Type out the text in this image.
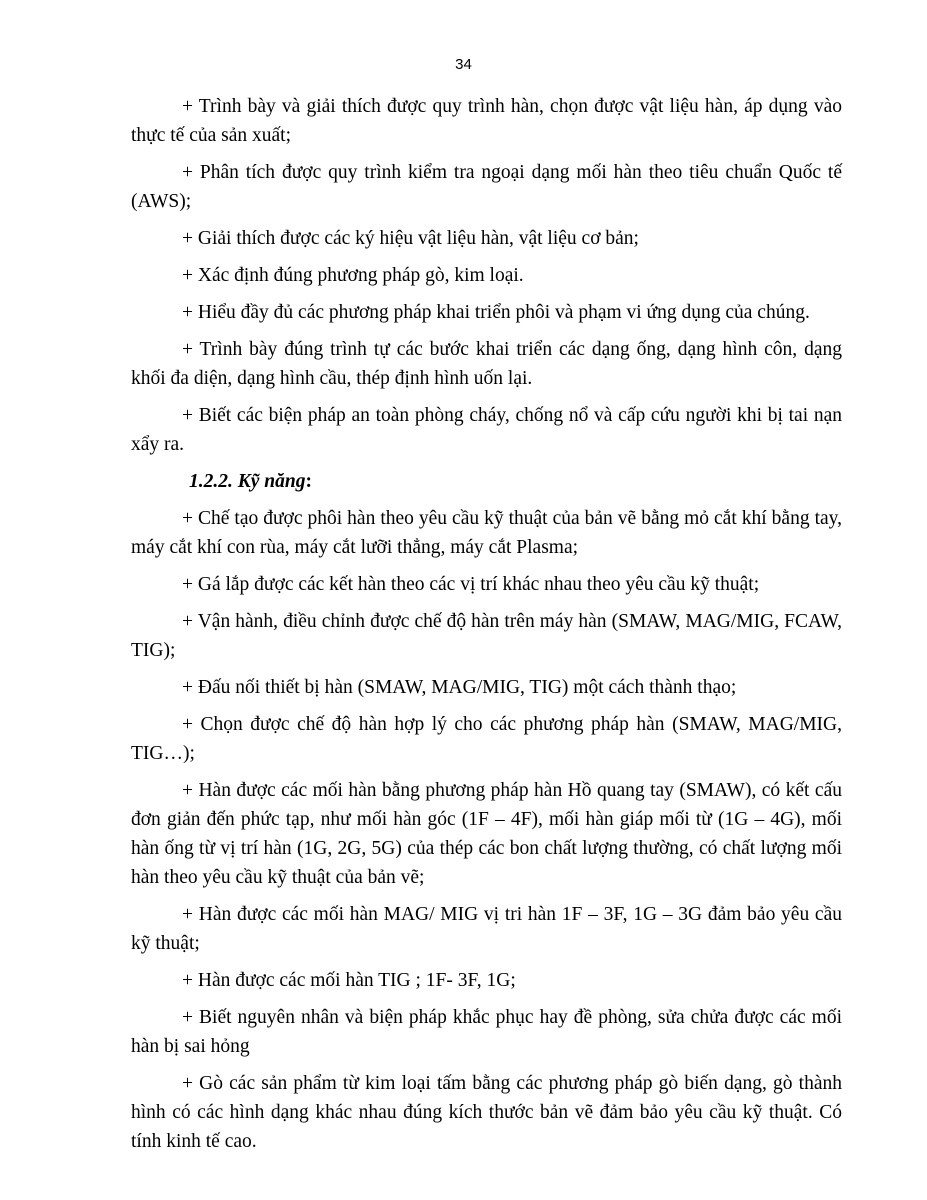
34

+ Trình bày và giải thích được quy trình hàn, chọn được vật liệu hàn, áp dụng vào thực tế của sản xuất;

+ Phân tích được quy trình kiểm tra ngoại dạng mối hàn theo tiêu chuẩn Quốc tế (AWS);

+ Giải thích được các ký hiệu vật liệu hàn, vật liệu cơ bản;

+ Xác định đúng phương pháp gò, kim loại.

+ Hiểu đầy đủ các phương pháp khai triển phôi và phạm vi ứng dụng của chúng.

+ Trình bày đúng trình tự các bước khai triển các dạng ống, dạng hình côn, dạng khối đa diện, dạng hình cầu, thép định hình uốn lại.

+ Biết các biện pháp an toàn phòng cháy, chống nổ và cấp cứu người khi bị tai nạn xẩy ra.

1.2.2. Kỹ năng:

+ Chế tạo được phôi hàn theo yêu cầu kỹ thuật của bản vẽ bằng mỏ cắt khí bằng tay, máy cắt khí con rùa, máy cắt lưỡi thẳng, máy cắt Plasma;

+ Gá lắp được các kết hàn theo các vị trí khác nhau theo yêu cầu kỹ thuật;

+ Vận hành, điều chỉnh được chế độ hàn trên máy hàn (SMAW, MAG/MIG, FCAW, TIG);

+ Đấu nối thiết bị hàn (SMAW, MAG/MIG, TIG) một cách thành thạo;

+ Chọn được chế độ hàn hợp lý cho các phương pháp hàn (SMAW, MAG/MIG, TIG…);

+ Hàn được các mối hàn bằng phương pháp hàn Hồ quang tay (SMAW), có kết cấu đơn giản đến phức tạp, như mối hàn góc (1F – 4F), mối hàn giáp mối từ (1G – 4G), mối hàn ống từ vị trí hàn (1G, 2G, 5G) của thép các bon chất lượng thường, có chất lượng mối hàn theo yêu cầu kỹ thuật của bản vẽ;

+ Hàn được các mối hàn MAG/ MIG vị tri hàn 1F – 3F, 1G – 3G đảm bảo yêu cầu kỹ thuật;

+ Hàn được các mối hàn TIG ; 1F- 3F, 1G;

+ Biết nguyên nhân và biện pháp khắc phục hay đề phòng, sửa chửa được các mối hàn bị sai hỏng

+ Gò các sản phẩm từ kim loại tấm bằng các phương pháp gò biến dạng, gò thành hình có các hình dạng khác nhau đúng kích thước bản vẽ đảm bảo yêu cầu kỹ thuật. Có tính kinh tế cao.
